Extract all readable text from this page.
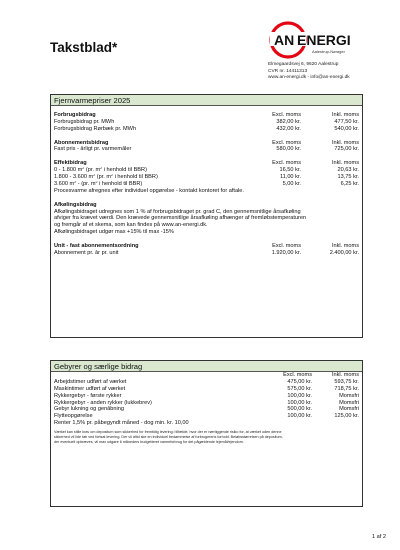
Takstblad*	AN ENERGI
Aalestrup-Nørager
Elmegaardsvej 6, 9620 Aalestrup
CVR nr. 14411313
www.an-energi.dk - info@an-energi.dk
Fjernvarmepriser 2025
Forbrugsbidrag	Excl. moms	Inkl. moms
Forbrugsbidrag pr. MWh	382,00 kr.	477,50 kr.
Forbrugsbidrag Rørbæk pr. MWh	432,00 kr.	540,00 kr.
Abonnementsbidrag	Excl. moms	Inkl. moms
Fast pris - årligt pr. varmemåler	580,00 kr.	725,00 kr.
Effektbidrag	Excl. moms	Inkl. moms
0 - 1.800 $m^2$ (pr. $m^2$ i henhold til BBR)	16,50 kr.	20,63 kr.
1.800 - 3.600 $m^2$ (pr. $m^2$ i henhold til BBR)	11,00 kr.	13,75 kr.
3.600 $m^2 - (pr$. $m^2$ i henhold til BBR)	5,00 kr.	6,25 kr.
Procesvarme afregnes efter individuel opgørelse - kontakt kontoret for aftale.
Afkølingsbidrag
Afkølingsbidraget udregnes som 1 % af forbrugsbidraget pr. grad C, den gennemsnitlige årsafkøling
afviger fra krævet værdi. Den krævede gennemsnitlige årsafkøling afhænger af fremløbstemperaturen
og fremgår af et skema, som kan findes på www.an-energi.dk.
Afkølingsbidraget udgør max +15% til max -15%
Unit - fast abonnementsordning	Excl. moms	Inkl. moms
Abonnement pr. år pr. unit	1.920,00 kr.	2.400,00 kr.
Gebyrer og særlige bidrag
Excl. moms	Inkl. moms
Arbejdstimer udført af værket	475,00 kr.	593,75 kr.
Maskintimer udført af værket	575,00 kr.	718,75 kr.
Rykkergebyr - første rykker	100,00 kr.	Momsfri
Rykkergebyr - anden rykker (lukkebrev)	100,00 kr.	Momsfri
Gebyr lukning og genåbning	500,00 kr.	Momsfri
Flytteopgørelse	100,00 kr.	125,00 kr.
Renter 1,5% pr. påbegyndt måned - dog min. kr. 10,00
Værket kan stille krav om depositum som sikkerhed for fremtidig levering i tilfælde, hvor der er nærliggende risiko for, at værket uden denne
sikkerhed vil lide tab ved fortsat levering. Der vil altid ske en individuel bedømmelse af forbrugerens forhold. Beløbsstørrelsen på depositum,
der eventuelt opkræves, vil max udgøre 6 måneders budgetteret varmeforbrug for det pågældende lejemål/ejendom.
1 af 2
